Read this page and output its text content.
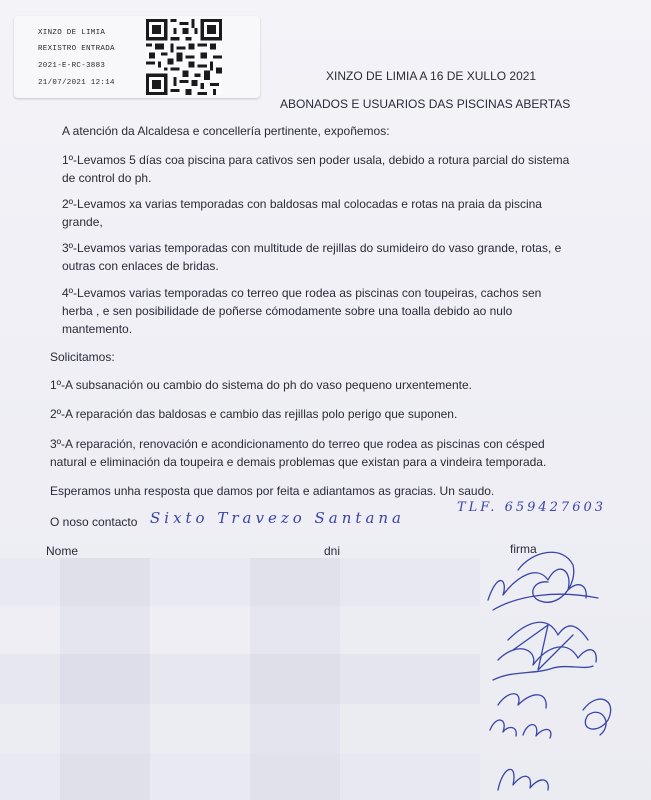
XINZO DE LIMIA
REXISTRO ENTRADA
2021-E-RC-3883
21/07/2021 12:14	XINZO DE LIMIA A 16 DE XULLO 2021
ABONADOS E USUARIOS DAS PISCINAS ABERTAS
A atención da Alcaldesa e concellería pertinente, expoñemos:
1º-Levamos 5 días coa piscina para cativos sen poder usala, debido a rotura parcial do sistema
de control do ph.
2º-Levamos xa varias temporadas con baldosas mal colocadas e rotas na praia da piscina
grande,
3º-Levamos varias temporadas con multitude de rejillas do sumideiro do vaso grande, rotas, e
outras con enlaces de bridas.
4º-Levamos varias temporadas co terreo que rodea as piscinas con toupeiras, cachos sen
herba , e sen posibilidade de poñerse cómodamente sobre una toalla debido ao nulo
mantemento.
Solicitamos:
1º-A subsanación ou cambio do sistema do ph do vaso pequeno urxentemente.
2º-A reparación das baldosas e cambio das rejillas polo perigo que suponen.
3º-A reparación, renovación e acondicionamento do terreo que rodea as piscinas con césped
natural e eliminación da toupeira e demais problemas que existan para a vindeira temporada.
Esperamos unha resposta que damos por feita e adiantamos as gracias. Un saudo.
O noso contacto Sixto Travezo Santana
TLF. 659427603
Nome	dni	firma
